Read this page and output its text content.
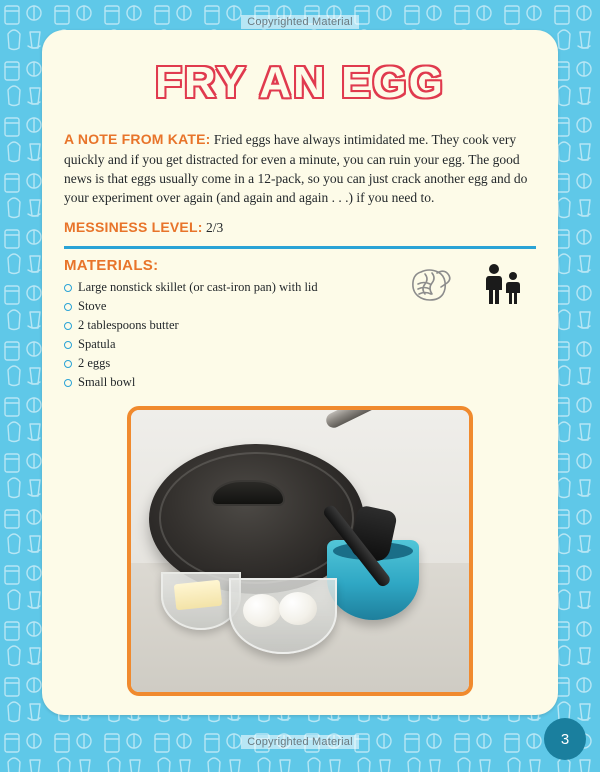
Copyrighted Material
FRY AN EGG

A NOTE FROM KATE: Fried eggs have always intimidated me. They cook very quickly and if you get distracted for even a minute, you can ruin your egg. The good news is that eggs usually come in a 12-pack, so you can just crack another egg and do your experiment over again (and again and again . . .) if you need to.

MESSINESS LEVEL: 2/3
MATERIALS:
Large nonstick skillet (or cast-iron pan) with lid
Stove
2 tablespoons butter
Spatula
2 eggs
Small bowl
Copyrighted Material	3
